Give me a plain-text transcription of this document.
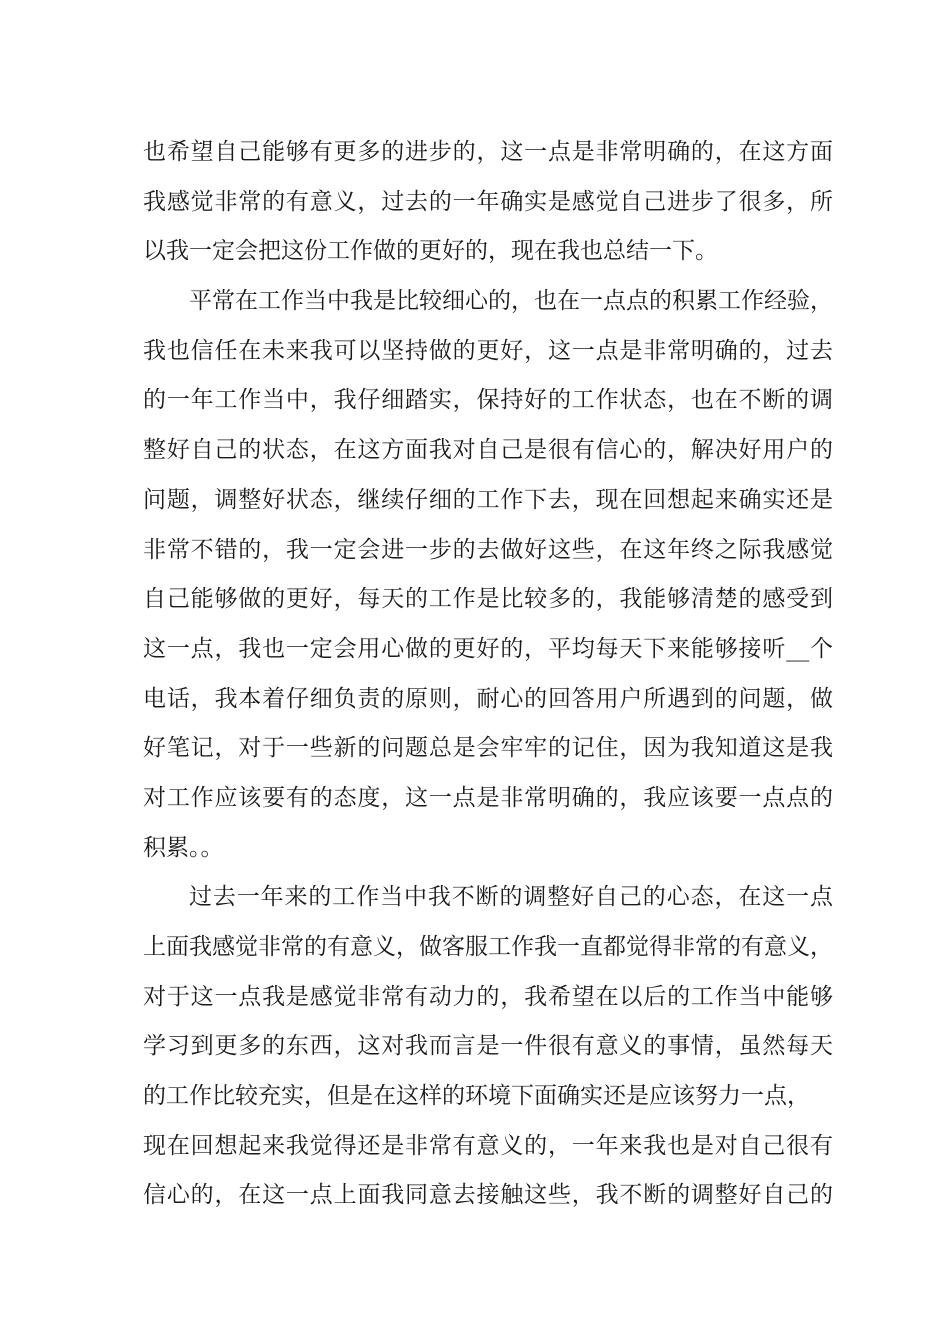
也希望自己能够有更多的进步的，这一点是非常明确的，在这方面
我感觉非常的有意义，过去的一年确实是感觉自己进步了很多，所
以我一定会把这份工作做的更好的，现在我也总结一下。
平常在工作当中我是比较细心的，也在一点点的积累工作经验，
我也信任在未来我可以坚持做的更好，这一点是非常明确的，过去
的一年工作当中，我仔细踏实，保持好的工作状态，也在不断的调
整好自己的状态，在这方面我对自己是很有信心的，解决好用户的
问题，调整好状态，继续仔细的工作下去，现在回想起来确实还是
非常不错的，我一定会进一步的去做好这些，在这年终之际我感觉
自己能够做的更好，每天的工作是比较多的，我能够清楚的感受到
这一点，我也一定会用心做的更好的，平均每天下来能够接听__个
电话，我本着仔细负责的原则，耐心的回答用户所遇到的问题，做
好笔记，对于一些新的问题总是会牢牢的记住，因为我知道这是我
对工作应该要有的态度，这一点是非常明确的，我应该要一点点的
积累。。
过去一年来的工作当中我不断的调整好自己的心态，在这一点
上面我感觉非常的有意义，做客服工作我一直都觉得非常的有意义，
对于这一点我是感觉非常有动力的，我希望在以后的工作当中能够
学习到更多的东西，这对我而言是一件很有意义的事情，虽然每天
的工作比较充实，但是在这样的环境下面确实还是应该努力一点，
现在回想起来我觉得还是非常有意义的，一年来我也是对自己很有
信心的，在这一点上面我同意去接触这些，我不断的调整好自己的
